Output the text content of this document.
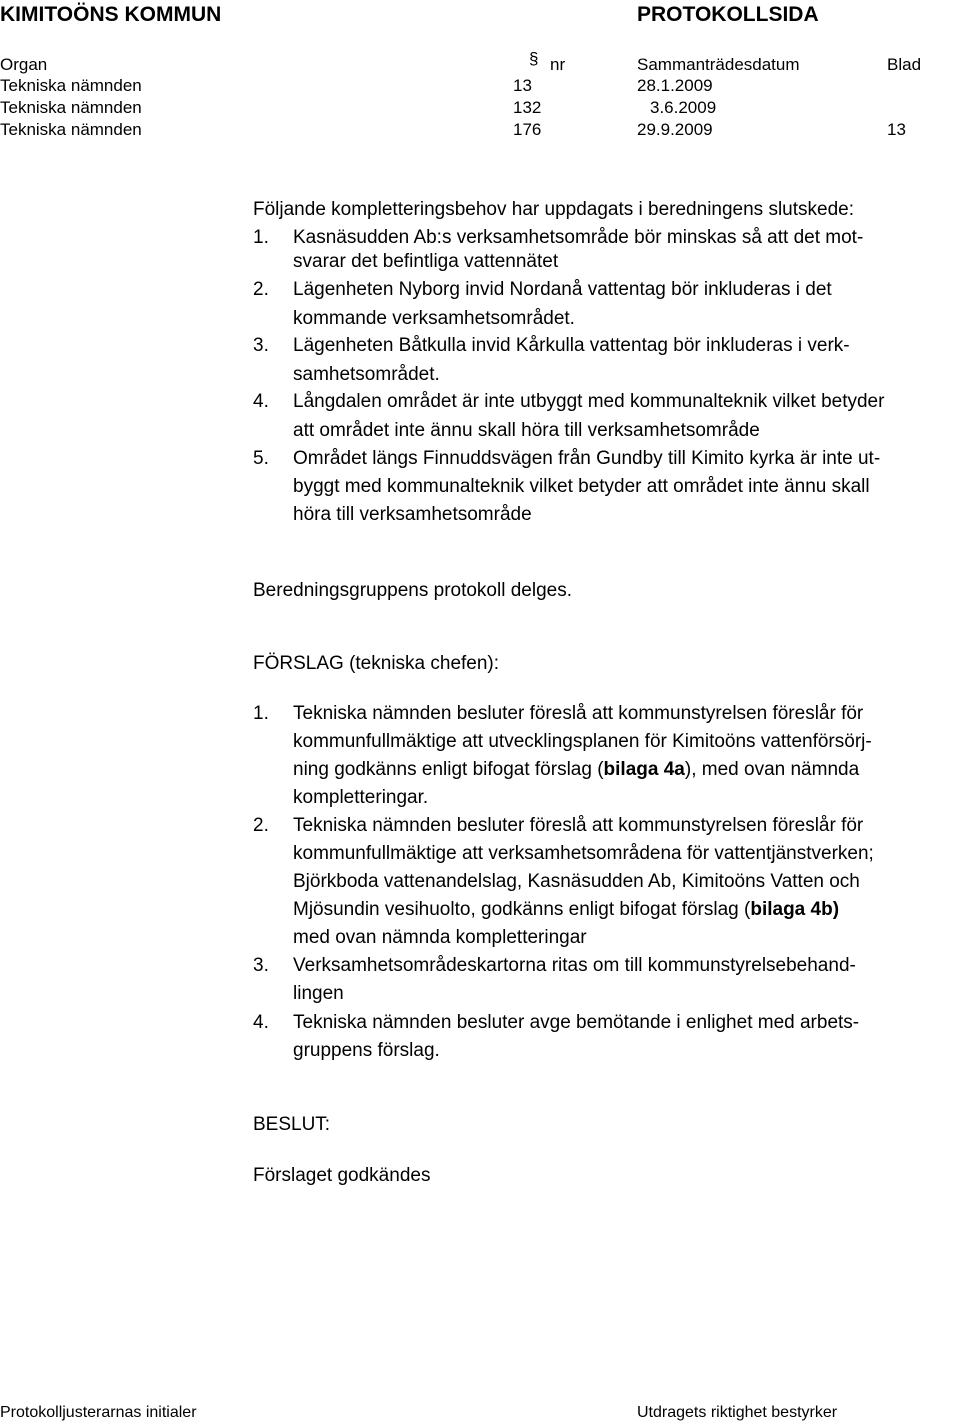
KIMITOÖNS KOMMUN	PROTOKOLLSIDA
Organ	§ nr	Sammanträdesdatum	Blad
Tekniska nämnden	13	28.1.2009
Tekniska nämnden	132	3.6.2009
Tekniska nämnden	176	29.9.2009	13
Följande kompletteringsbehov har uppdagats i beredningens slutskede:
1. Kasnäsudden Ab:s verksamhetsområde bör minskas så att det mot-
svarar det befintliga vattennätet
2. Lägenheten Nyborg invid Nordanå vattentag bör inkluderas i det
kommande verksamhetsområdet.
3. Lägenheten Båtkulla invid Kårkulla vattentag bör inkluderas i verk-
samhetsområdet.
4. Långdalen området är inte utbyggt med kommunalteknik vilket betyder
att området inte ännu skall höra till verksamhetsområde
5. Området längs Finnuddsvägen från Gundby till Kimito kyrka är inte ut-
byggt med kommunalteknik vilket betyder att området inte ännu skall
höra till verksamhetsområde
Beredningsgruppens protokoll delges.
FÖRSLAG (tekniska chefen):
1. Tekniska nämnden besluter föreslå att kommunstyrelsen föreslår för
kommunfullmäktige att utvecklingsplanen för Kimitoöns vattenförsörj-
ning godkänns enligt bifogat förslag (bilaga 4a), med ovan nämnda
kompletteringar.
2. Tekniska nämnden besluter föreslå att kommunstyrelsen föreslår för
kommunfullmäktige att verksamhetsområdena för vattentjänstverken;
Björkboda vattenandelslag, Kasnäsudden Ab, Kimitoöns Vatten och
Mjösundin vesihuolto, godkänns enligt bifogat förslag (bilaga 4b)
med ovan nämnda kompletteringar
3. Verksamhetsområdeskartorna ritas om till kommunstyrelsebehand-
lingen
4. Tekniska nämnden besluter avge bemötande i enlighet med arbets-
gruppens förslag.
BESLUT:
Förslaget godkändes
Protokolljusterarnas initialer	Utdragets riktighet bestyrker
